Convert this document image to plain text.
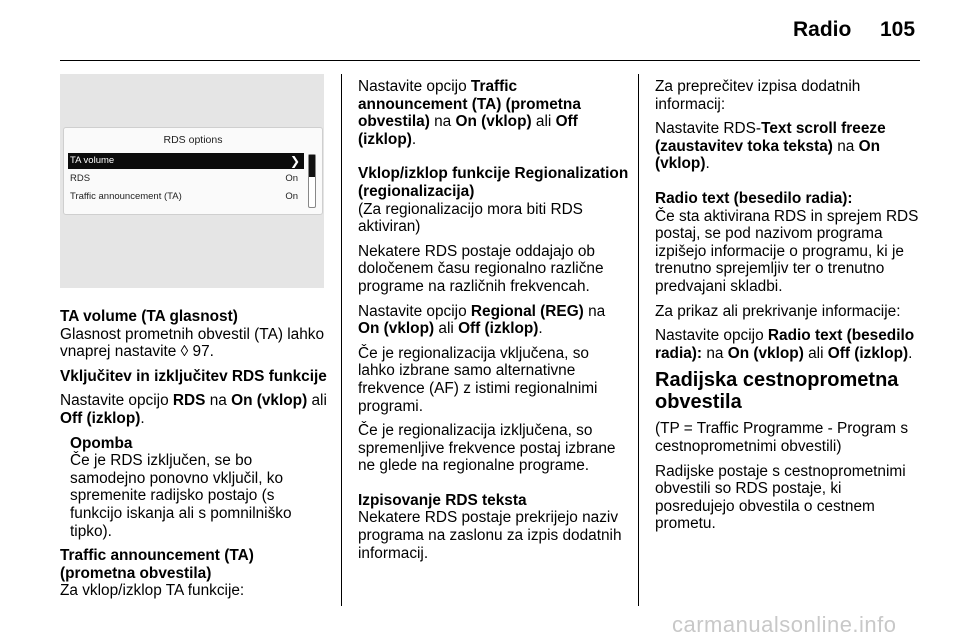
Radio 105
RDS options
TA volume	❯
RDS	On
Traffic announcement (TA)	On

TA volume (TA glasnost)

Glasnost prometnih obvestil (TA) lahko vnaprej nastavite ◊ 97.

Vključitev in izključitev RDS funkcije

Nastavite opcijo RDS na On (vklop) ali Off (izklop).

Opomba

Če je RDS izključen, se bo samodejno ponovno vključil, ko spremenite radijsko postajo (s funkcijo iskanja ali s pomnilniško tipko).

Traffic announcement (TA) (prometna obvestila)

Za vklop/izklop TA funkcije:

Nastavite opcijo Traffic announcement (TA) (prometna obvestila) na On (vklop) ali Off (izklop).

Vklop/izklop funkcije Regionalization (regionalizacija)

(Za regionalizacijo mora biti RDS aktiviran)

Nekatere RDS postaje oddajajo ob določenem času regionalno različne programe na različnih frekvencah.

Nastavite opcijo Regional (REG) na On (vklop) ali Off (izklop).

Če je regionalizacija vključena, so lahko izbrane samo alternativne frekvence (AF) z istimi regionalnimi programi.

Če je regionalizacija izključena, so spremenljive frekvence postaj izbrane ne glede na regionalne programe.

Izpisovanje RDS teksta

Nekatere RDS postaje prekrijejo naziv programa na zaslonu za izpis dodatnih informacij.

Za preprečitev izpisa dodatnih informacij:

Nastavite RDS-Text scroll freeze (zaustavitev toka teksta) na On (vklop).

Radio text (besedilo radia):

Če sta aktivirana RDS in sprejem RDS postaj, se pod nazivom programa izpišejo informacije o programu, ki je trenutno sprejemljiv ter o trenutno predvajani skladbi.

Za prikaz ali prekrivanje informacije:

Nastavite opcijo Radio text (besedilo radia): na On (vklop) ali Off (izklop).

Radijska cestnoprometna obvestila

(TP = Traffic Programme - Program s cestnoprometnimi obvestili)

Radijske postaje s cestnoprometnimi obvestili so RDS postaje, ki posredujejo obvestila o cestnem prometu.

carmanualsonline.info
